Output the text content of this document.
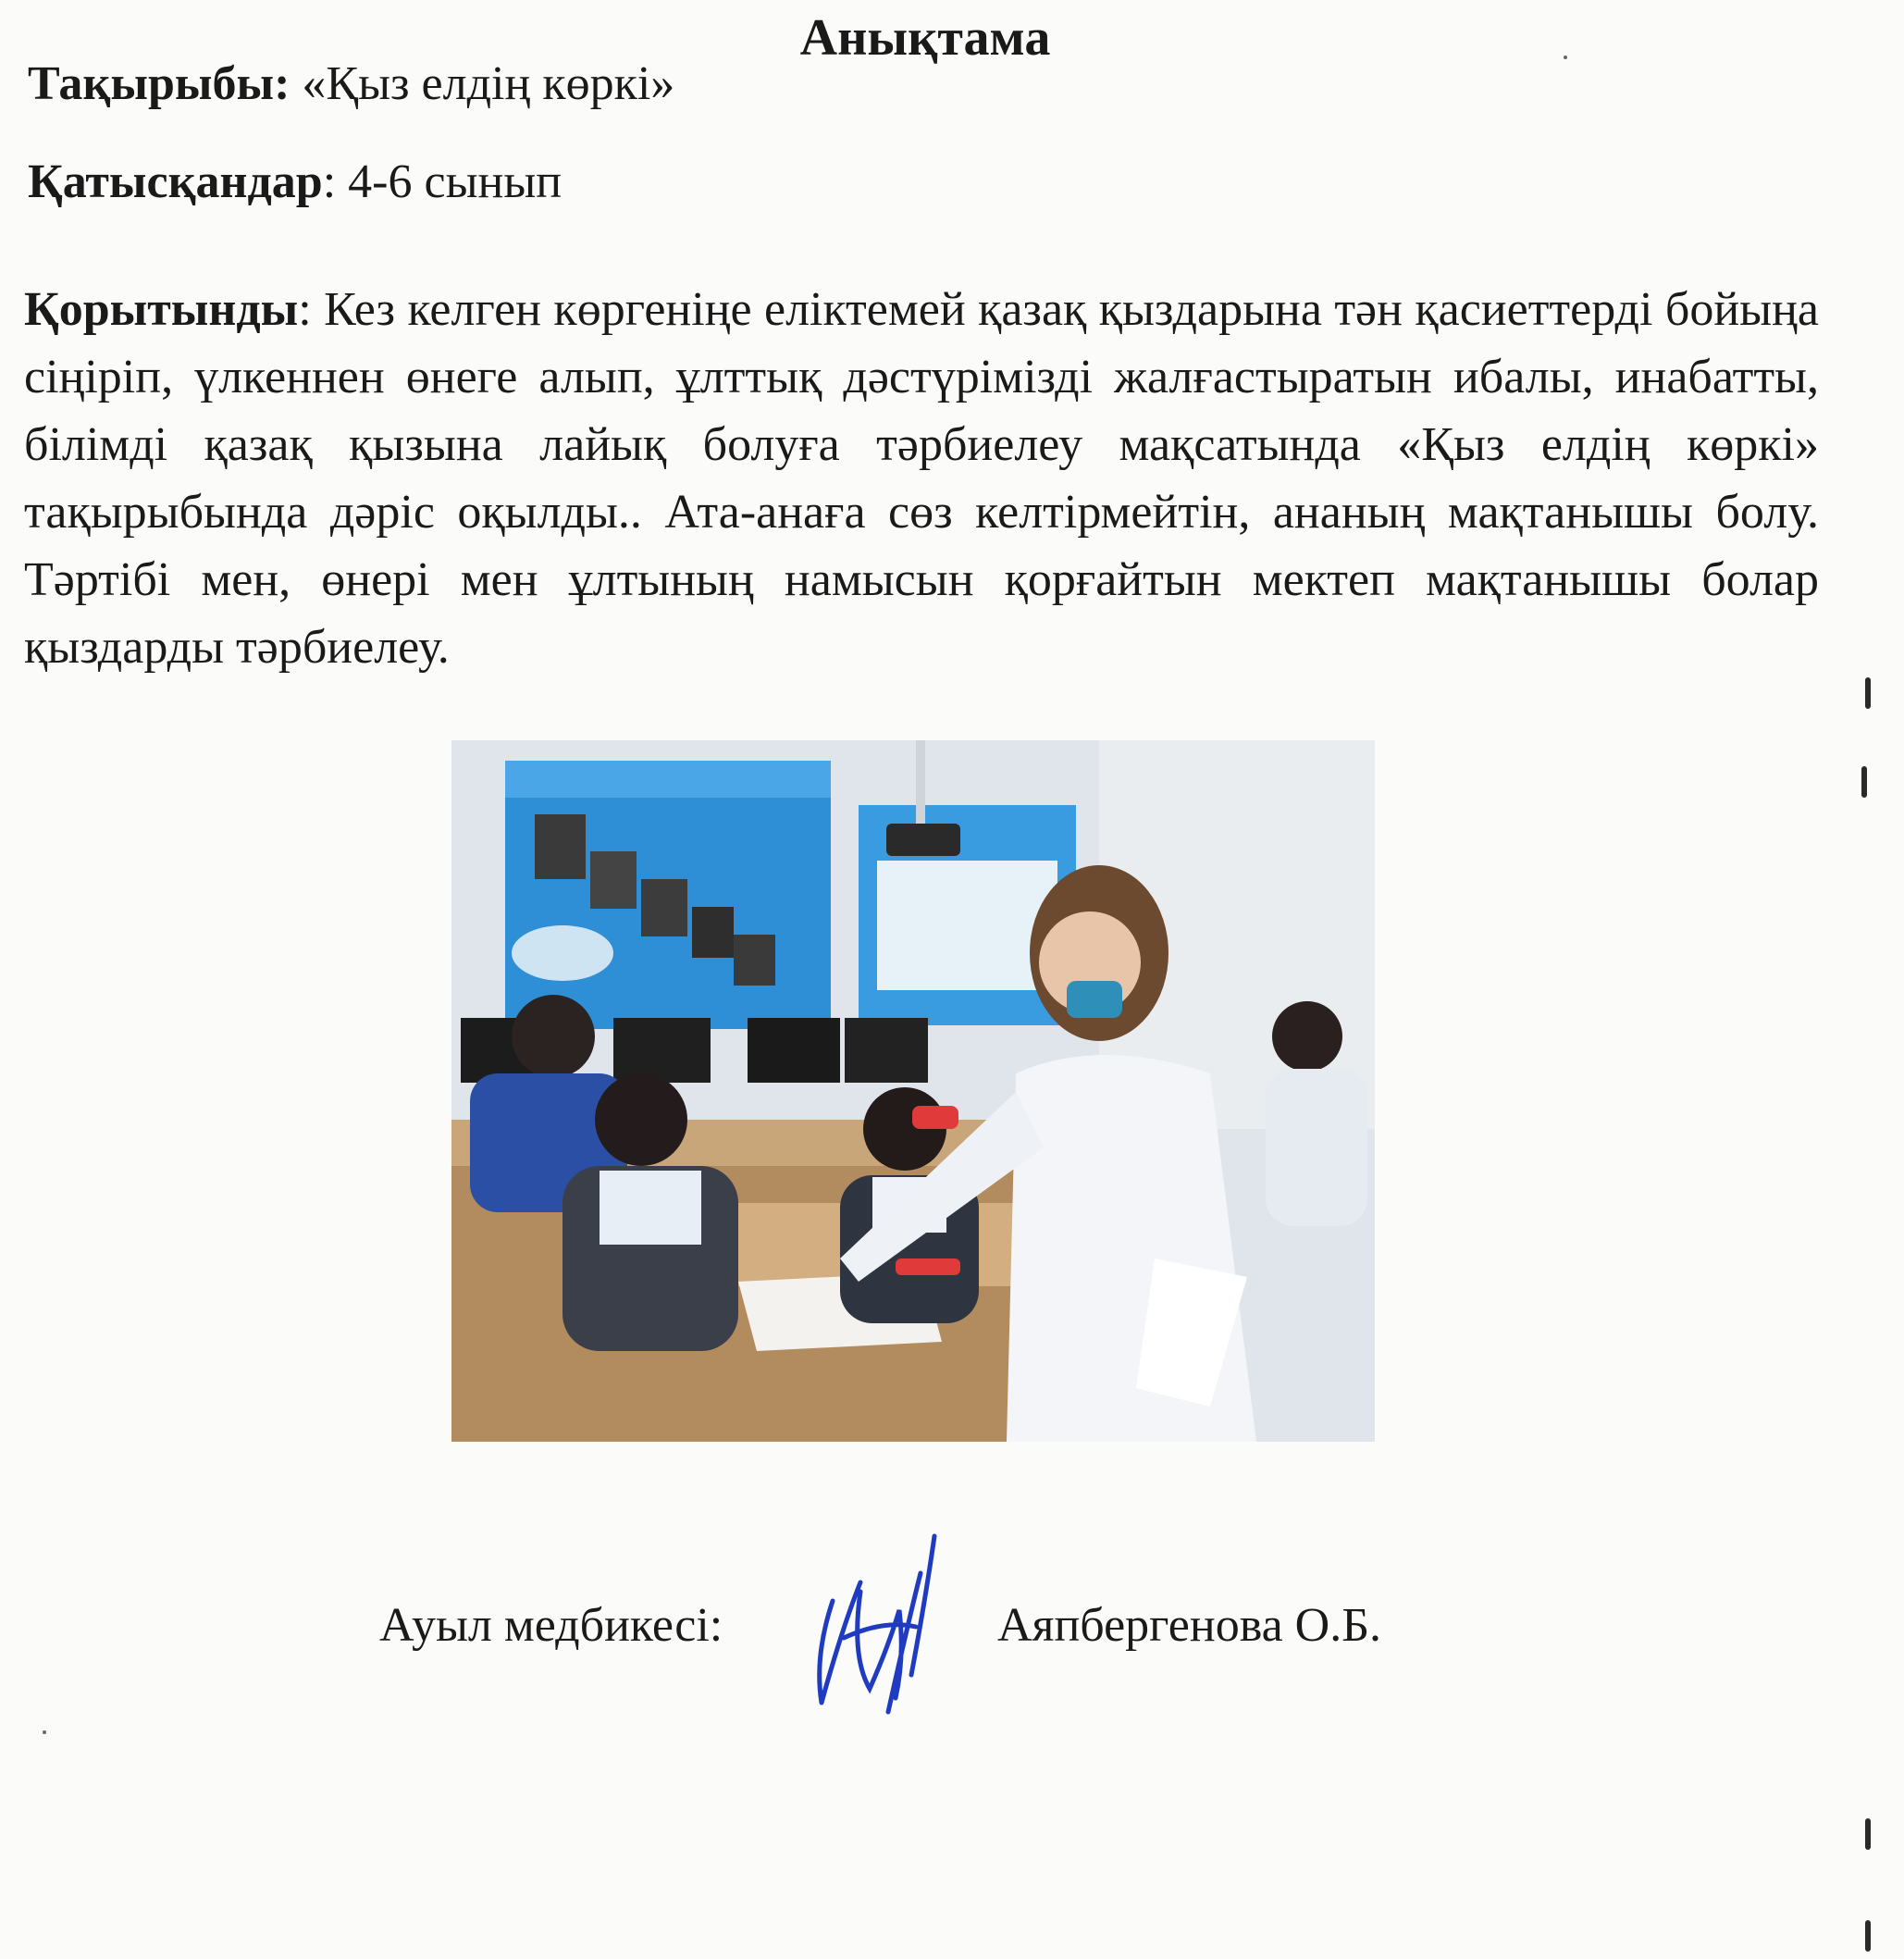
Анықтама
Тақырыбы: «Қыз елдің көркі»
Қатысқандар: 4-6 сынып
Қорытынды: Кез келген көргеніңе еліктемей қазақ қыздарына тән қасиеттерді бойыңа сіңіріп, үлкеннен өнеге алып, ұлттық дәстүрімізді жалғастыратын ибалы, инабатты, білімді қазақ қызына лайық болуға тәрбиелеу мақсатында «Қыз елдің көркі» тақырыбында дәріс оқылды.. Ата-анаға сөз келтірмейтін, ананың мақтанышы болу. Тәртібі мен, өнері мен ұлтының намысын қорғайтын мектеп мақтанышы болар қыздарды тәрбиелеу.
Ауыл медбикесі:	Аяпбергенова О.Б.
